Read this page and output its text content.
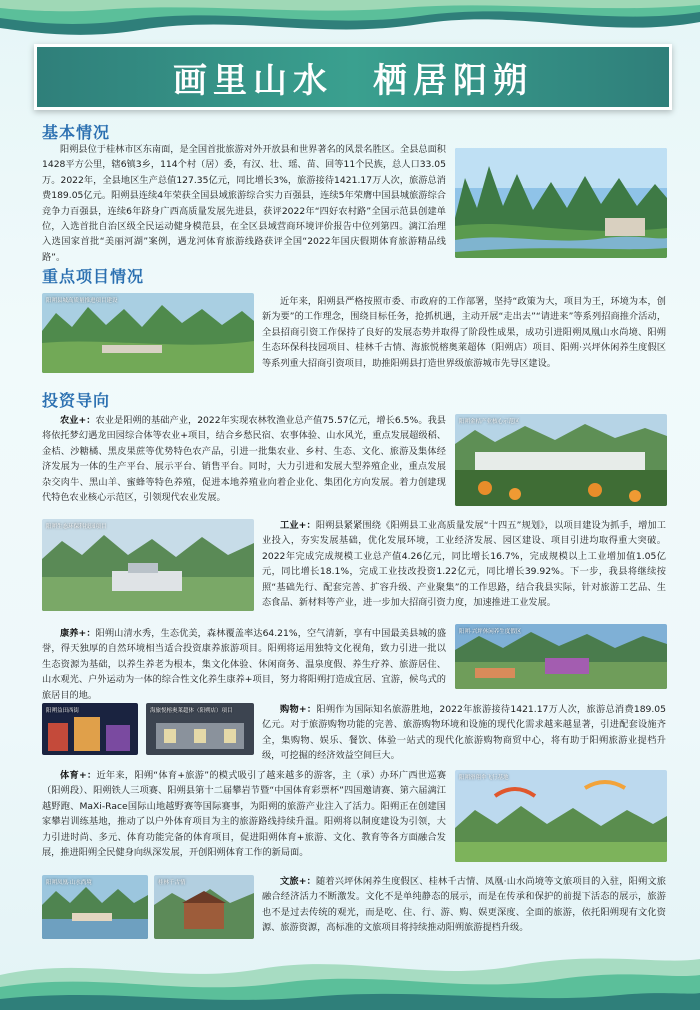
画里山水　栖居阳朔
基本情况

阳朔县位于桂林市区东南面，是全国首批旅游对外开放县和世界著名的风景名胜区。全县总面积1428平方公里，辖6镇3乡，114个村（居）委，有汉、壮、瑶、苗、回等11个民族，总人口33.05万。2022年，全县地区生产总值127.35亿元，同比增长3%，旅游接待1421.17万人次，旅游总消费189.05亿元。阳朔县连续4年荣获全国县域旅游综合实力百强县，连续5年荣膺中国县城旅游综合竞争力百强县，连续6年跻身广西高质量发展先进县，获评2022年“四好农村路”全国示范县创建单位，入选首批自治区级全民运动健身模范县，在全区县域营商环境评价报告中位列第四。漓江治理入选国家首批“美丽河湖”案例，遇龙河体育旅游线路获评全国“2022年国庆假期体育旅游精品线路”。

重点项目情况
阳朔县城高质量推进项目建设	近年来，阳朔县严格按照市委、市政府的工作部署，坚持“政策为大，项目为王，环境为本，创新为要”的工作理念，围绕目标任务，抢抓机遇，主动开展“走出去”“请进来”等系列招商推介活动，全县招商引资工作保持了良好的发展态势并取得了阶段性成果，成功引进阳朔凤凰山水尚境、阳朔生态环保科技园项目、桂林千古情、海旅悦榕奥莱超体（阳朔店）项目、阳朔·兴坪休闲养生度假区等系列重大招商引资项目，助推阳朔县打造世界级旅游城市先导区建设。

投资导向

农业+：农业是阳朔的基础产业，2022年实现农林牧渔业总产值75.57亿元，增长6.5%。我县将依托梦幻遇龙田园综合体等农业+项目，结合乡愁民宿、农事体验、山水风光，重点发展超级稻、金桔、沙糖橘、黑皮果蔗等优势特色农产品，引进一批集农业、乡村、生态、文化、旅游及集体经济发展为一体的生产平台、展示平台、销售平台。同时，大力引进和发展大型养殖企业，重点发展杂交肉牛、黑山羊、蜜蜂等特色养殖，促进本地养殖业向着企业化、集团化方向发展。着力创建现代特色农业核心示范区，引领现代农业发展。

阳朔金桔产业核心示范区
阳朔生态环保科技园项目	工业+：阳朔县紧紧围绕《阳朔县工业高质量发展“十四五”规划》，以项目建设为抓手，增加工业投入，夯实发展基础，优化发展环境，工业经济发展、园区建设、项目引进均取得重大突破。2022年完成完成规模工业总产值4.26亿元，同比增长16.7%，完成规模以上工业增加值1.05亿元，同比增长18.1%，完成工业技改投资1.22亿元，同比增长39.92%。下一步，我县将继续按照“基础先行、配套完善、扩容升级、产业聚集”的工作思路，结合我县实际，针对旅游工艺品、生态食品、新材料等产业，进一步加大招商引资力度，加速推进工业发展。

康养+：阳朔山清水秀，生态优美，森林覆盖率达64.21%，空气清新，享有中国最美县城的盛誉，得天独厚的自然环境相当适合投资康养旅游项目。阳朔将运用独特文化视角，致力引进一批以生态资源为基础，以养生养老为根本，集文化体验、休闲商务、温泉度假、养生疗养、旅游居住、山水观光、户外运动为一体的综合性文化养生康养+项目，努力将阳朔打造成宜居、宜游，候鸟式的旅居目的地。

阳朔·兴坪休闲养生度假区
阳朔益田西街	海旅悦榕奥莱超体（阳朔店）项目	购物+：阳朔作为国际知名旅游胜地，2022年旅游接待1421.17万人次，旅游总消费189.05亿元。对于旅游购物功能的完善、旅游购物环境和设施的现代化需求越来越显著，引进配套设施齐全，集购物、娱乐、餐饮、体验一站式的现代化旅游购物商贸中心，将有助于阳朔旅游业提档升级，可挖掘的经济效益空间巨大。

体育+：近年来，阳朔“体育+旅游”的模式吸引了越来越多的游客，主（承）办环广西世巡赛（阳朔段）、阳朔铁人三项赛、阳朔县第十二届攀岩节暨“中国体育彩票杯”四国邀请赛、第六届漓江越野跑、MaXi-Race国际山地越野赛等国际赛事，为阳朔的旅游产业注入了活力。阳朔正在创建国家攀岩训练基地，推动了以户外体育项目为主的旅游路线持续升温。阳朔将以制度建设为引领，大力引进时尚、多元、体育功能完备的体育项目，促进阳朔体育+旅游、文化、教育等各方面融合发展，推进阳朔全民健身向纵深发展，开创阳朔体育工作的新局面。

阳朔滑翔伞飞行基地
阳朔凤凰·山水尚境	桂林千古情	文旅+：随着兴坪休闲养生度假区、桂林千古情、凤凰·山水尚境等文旅项目的入驻，阳朔文旅融合经济活力不断激发。文化不是单纯静态的展示，而是在传承和保护的前提下活态的展示，旅游也不是过去传统的观光，而是吃、住、行、游、购、娱更深度、全面的旅游，依托阳朔现有文化资源、旅游资源，高标准的文旅项目将持续推动阳朔旅游提档升级。
